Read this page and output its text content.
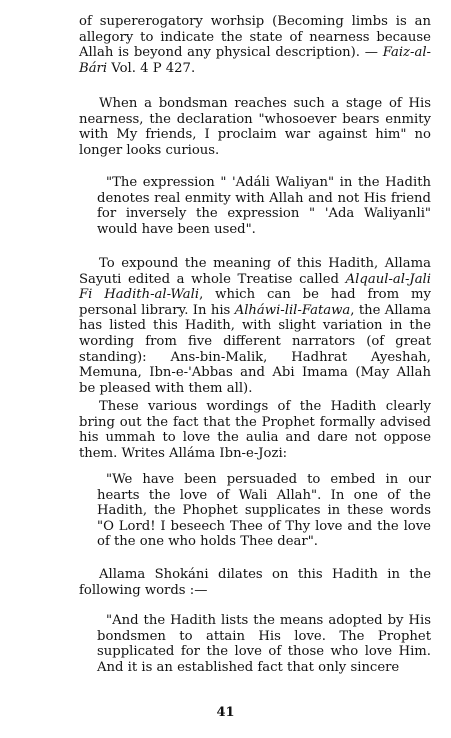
of supererogatory worhsip (Becoming limbs is an allegory to indicate the state of nearness because Allah is beyond any physical description). — Faiz-al-Bári Vol. 4 P 427.

When a bondsman reaches such a stage of His nearness, the declaration "whosoever bears enmity with My friends, I proclaim war against him" no longer looks curious.

"The expression " 'Adáli Waliyan" in the Hadith denotes real enmity with Allah and not His friend for inversely the expression " 'Ada Waliyanli" would have been used".

To expound the meaning of this Hadith, Allama Sayuti edited a whole Treatise called Alqaul-al-Jali Fi Hadith-al-Wali, which can be had from my personal library. In his Alháwi-lil-Fatawa, the Allama has listed this Hadith, with slight variation in the wording from five different narrators (of great standing): Ans-bin-Malik, Hadhrat Ayeshah, Memuna, Ibn-e-'Abbas and Abi Imama (May Allah be pleased with them all).

These various wordings of the Hadith clearly bring out the fact that the Prophet formally advised his ummah to love the aulia and dare not oppose them. Writes Alláma Ibn-e-Jozi:

"We have been persuaded to embed in our hearts the love of Wali Allah". In one of the Hadith, the Phophet supplicates in these words "O Lord! I beseech Thee of Thy love and the love of the one who holds Thee dear".

Allama Shokáni dilates on this Hadith in the following words :—

"And the Hadith lists the means adopted by His bondsmen to attain His love. The Prophet supplicated for the love of those who love Him. And it is an established fact that only sincere

41
